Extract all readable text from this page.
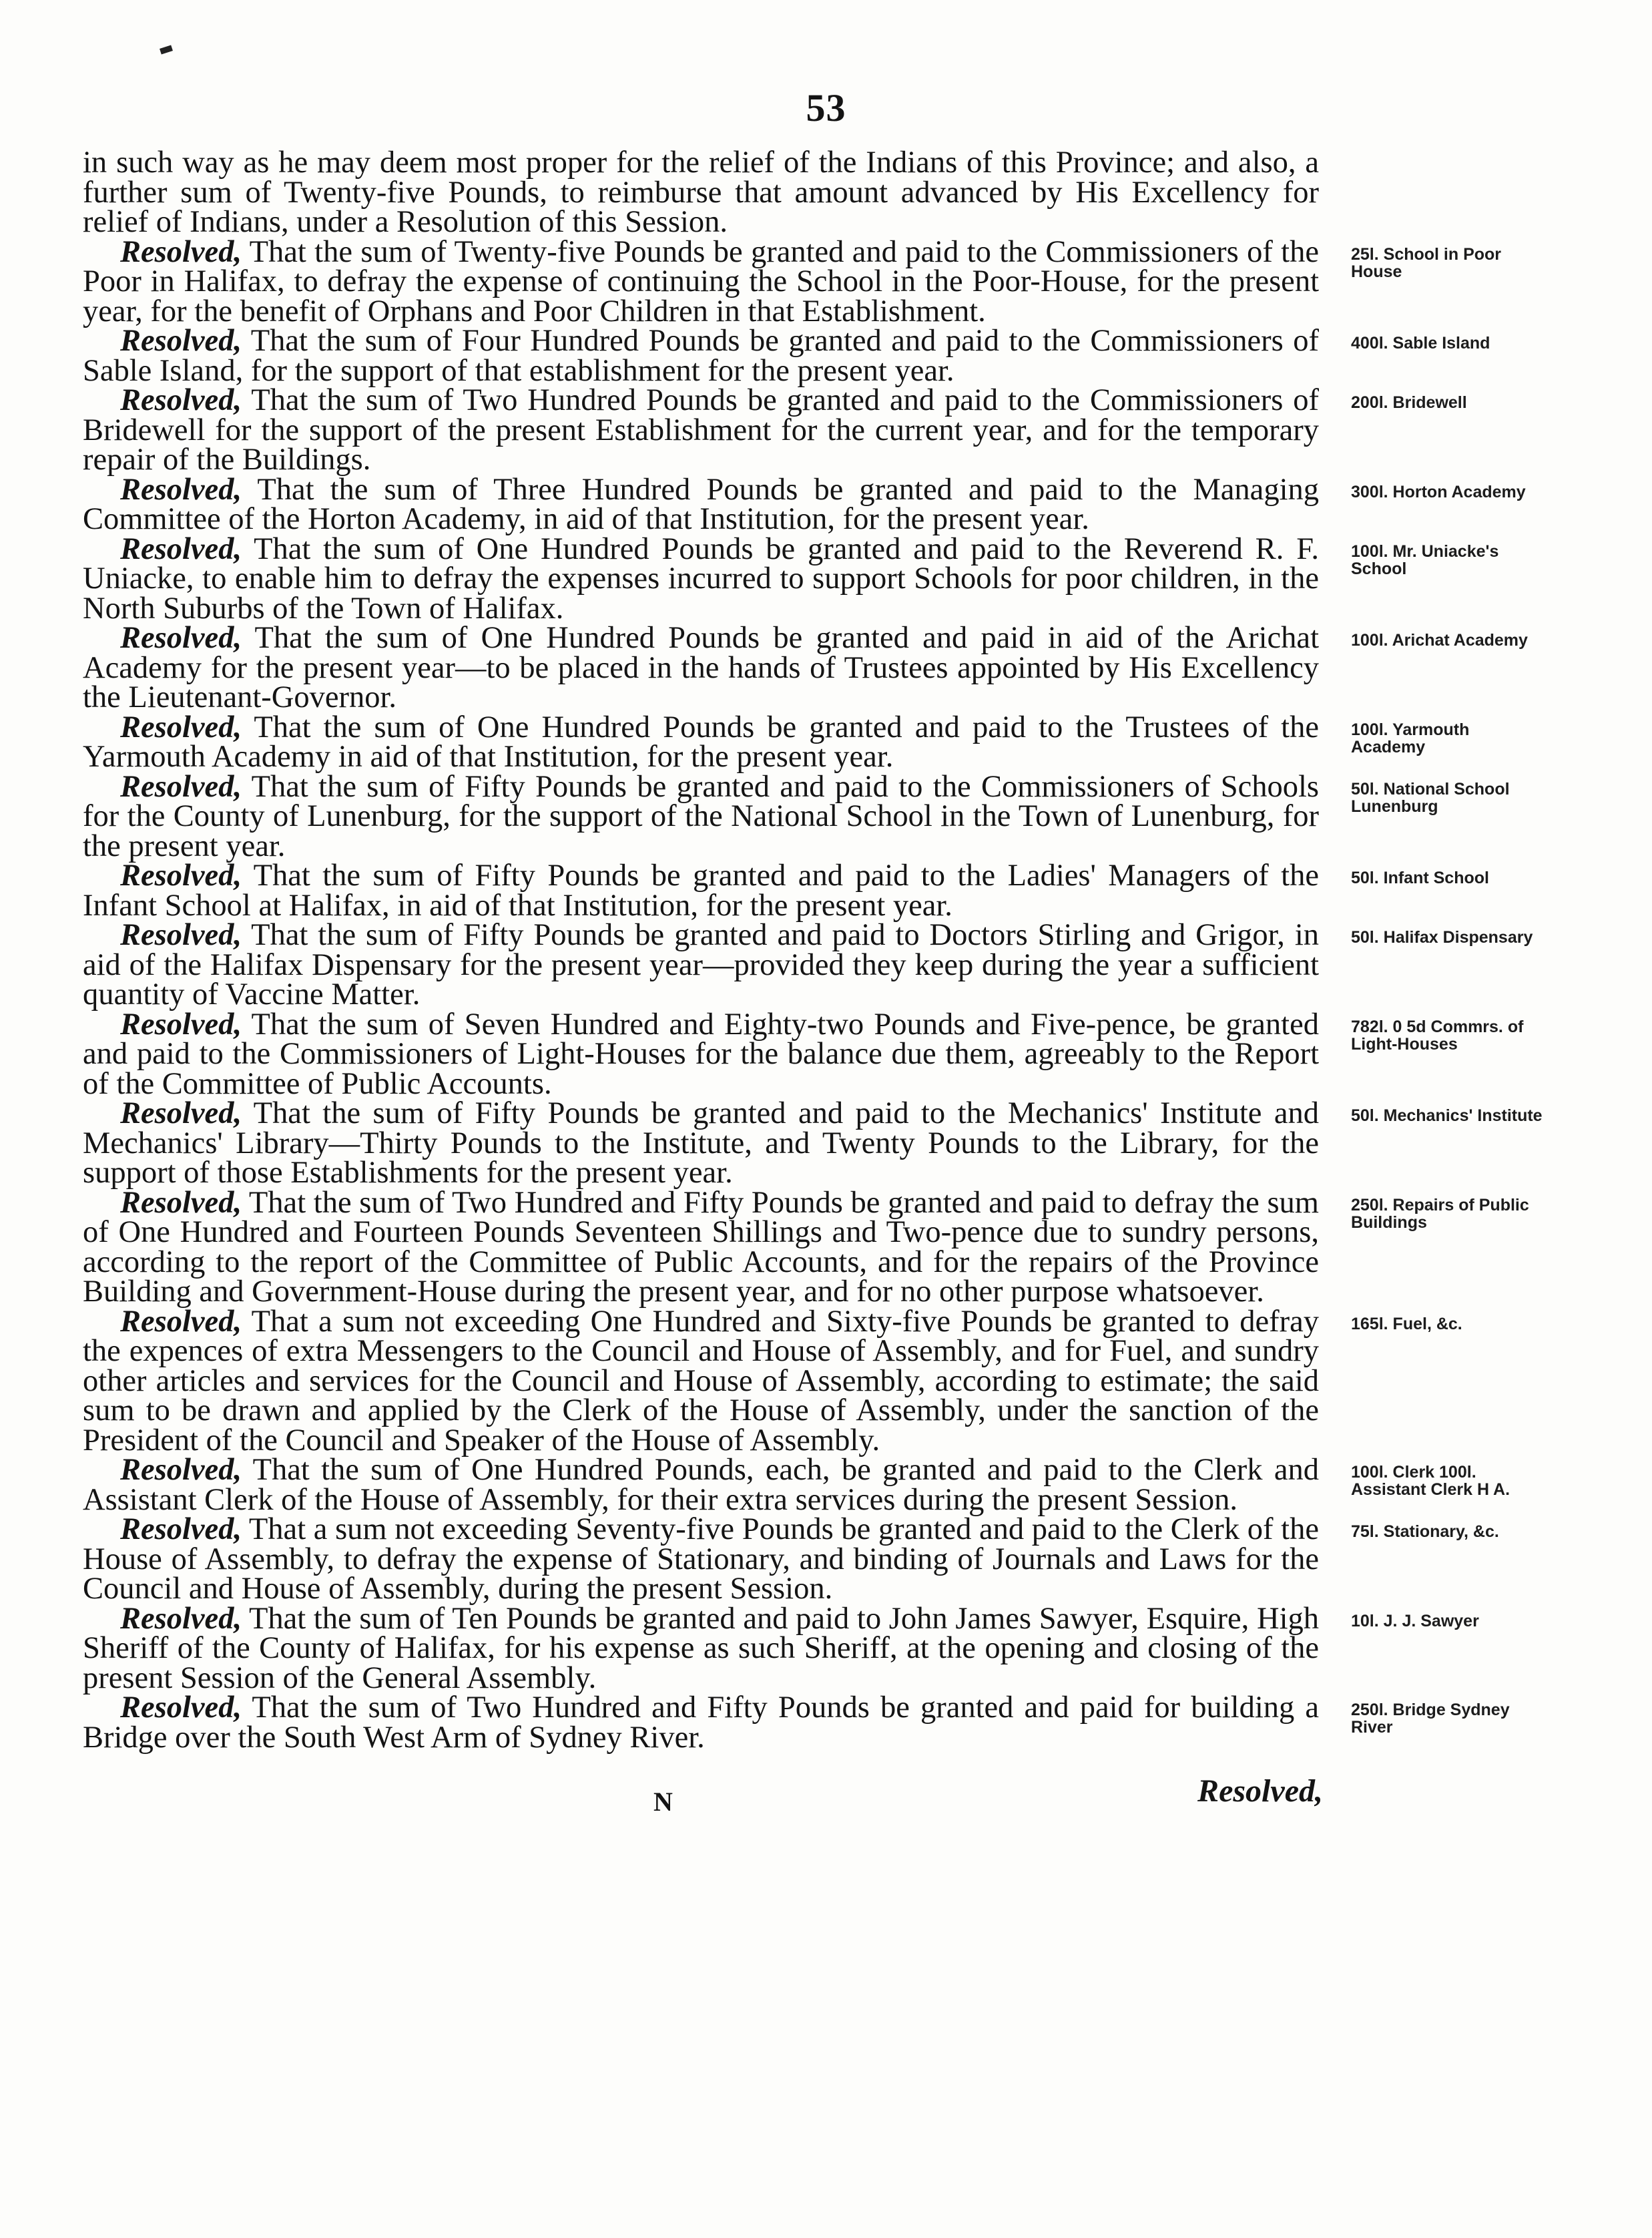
53
in such way as he may deem most proper for the relief of the Indians of this Province; and also, a further sum of Twenty-five Pounds, to reimburse that amount advanced by His Excellency for relief of Indians, under a Resolution of this Session.
Resolved, That the sum of Twenty-five Pounds be granted and paid to the Commissioners of the Poor in Halifax, to defray the expense of continuing the School in the Poor-House, for the present year, for the benefit of Orphans and Poor Children in that Establishment.
25l. School in Poor House
Resolved, That the sum of Four Hundred Pounds be granted and paid to the Commissioners of Sable Island, for the support of that establishment for the present year.
400l. Sable Island
Resolved, That the sum of Two Hundred Pounds be granted and paid to the Commissioners of Bridewell for the support of the present Establishment for the current year, and for the temporary repair of the Buildings.
200l. Bridewell
Resolved, That the sum of Three Hundred Pounds be granted and paid to the Managing Committee of the Horton Academy, in aid of that Institution, for the present year.
300l. Horton Academy
Resolved, That the sum of One Hundred Pounds be granted and paid to the Reverend R. F. Uniacke, to enable him to defray the expenses incurred to support Schools for poor children, in the North Suburbs of the Town of Halifax.
100l. Mr. Uniacke's School
Resolved, That the sum of One Hundred Pounds be granted and paid in aid of the Arichat Academy for the present year—to be placed in the hands of Trustees appointed by His Excellency the Lieutenant-Governor.
100l. Arichat Academy
Resolved, That the sum of One Hundred Pounds be granted and paid to the Trustees of the Yarmouth Academy in aid of that Institution, for the present year.
100l. Yarmouth Academy
Resolved, That the sum of Fifty Pounds be granted and paid to the Commissioners of Schools for the County of Lunenburg, for the support of the National School in the Town of Lunenburg, for the present year.
50l. National School Lunenburg
Resolved, That the sum of Fifty Pounds be granted and paid to the Ladies' Managers of the Infant School at Halifax, in aid of that Institution, for the present year.
50l. Infant School
Resolved, That the sum of Fifty Pounds be granted and paid to Doctors Stirling and Grigor, in aid of the Halifax Dispensary for the present year—provided they keep during the year a sufficient quantity of Vaccine Matter.
50l. Halifax Dispensary
Resolved, That the sum of Seven Hundred and Eighty-two Pounds and Five-pence, be granted and paid to the Commissioners of Light-Houses for the balance due them, agreeably to the Report of the Committee of Public Accounts.
782l. 0 5d Commrs. of Light-Houses
Resolved, That the sum of Fifty Pounds be granted and paid to the Mechanics' Institute and Mechanics' Library—Thirty Pounds to the Institute, and Twenty Pounds to the Library, for the support of those Establishments for the present year.
50l. Mechanics' Institute
Resolved, That the sum of Two Hundred and Fifty Pounds be granted and paid to defray the sum of One Hundred and Fourteen Pounds Seventeen Shillings and Two-pence due to sundry persons, according to the report of the Committee of Public Accounts, and for the repairs of the Province Building and Government-House during the present year, and for no other purpose whatsoever.
250l. Repairs of Public Buildings
Resolved, That a sum not exceeding One Hundred and Sixty-five Pounds be granted to defray the expences of extra Messengers to the Council and House of Assembly, and for Fuel, and sundry other articles and services for the Council and House of Assembly, according to estimate; the said sum to be drawn and applied by the Clerk of the House of Assembly, under the sanction of the President of the Council and Speaker of the House of Assembly.
165l. Fuel, &c.
Resolved, That the sum of One Hundred Pounds, each, be granted and paid to the Clerk and Assistant Clerk of the House of Assembly, for their extra services during the present Session.
100l. Clerk 100l. Assistant Clerk H A.
Resolved, That a sum not exceeding Seventy-five Pounds be granted and paid to the Clerk of the House of Assembly, to defray the expense of Stationary, and binding of Journals and Laws for the Council and House of Assembly, during the present Session.
75l. Stationary, &c.
Resolved, That the sum of Ten Pounds be granted and paid to John James Sawyer, Esquire, High Sheriff of the County of Halifax, for his expense as such Sheriff, at the opening and closing of the present Session of the General Assembly.
10l. J. J. Sawyer
Resolved, That the sum of Two Hundred and Fifty Pounds be granted and paid for building a Bridge over the South West Arm of Sydney River.
250l. Bridge Sydney River
N	Resolved,
